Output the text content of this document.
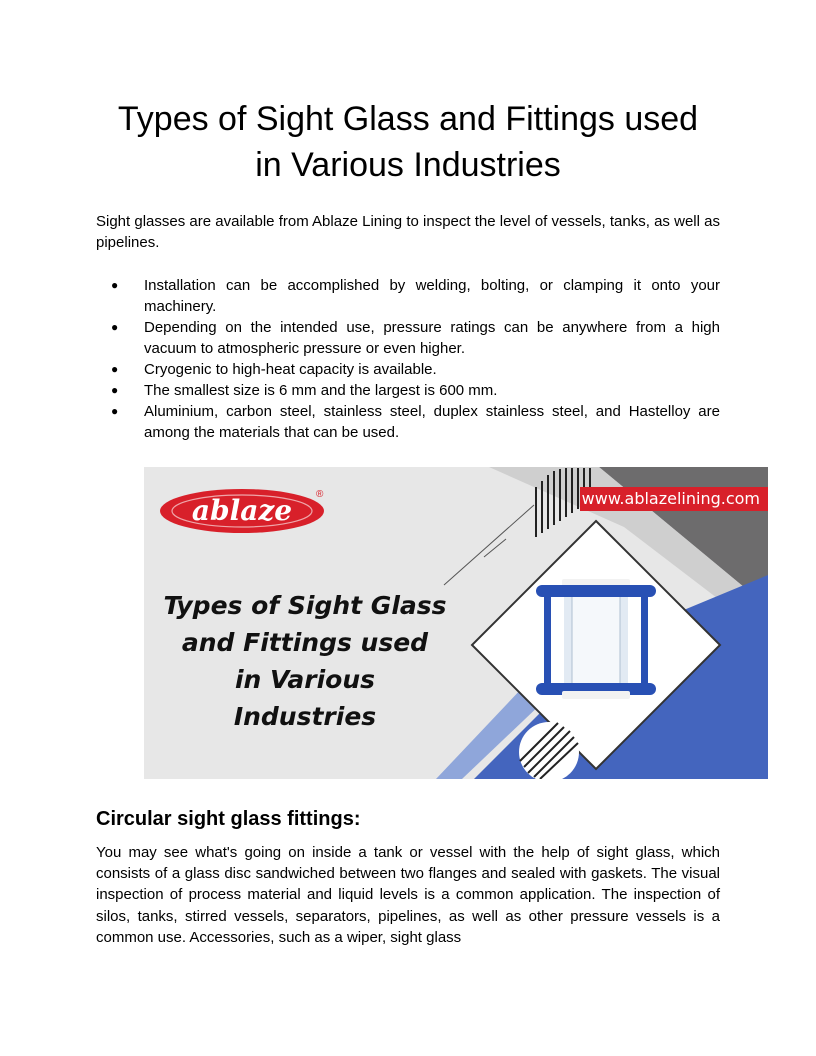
Types of Sight Glass and Fittings used
in Various Industries

Sight glasses are available from Ablaze Lining to inspect the level of vessels, tanks, as well as pipelines.

● Installation can be accomplished by welding, bolting, or clamping it onto your machinery.
● Depending on the intended use, pressure ratings can be anywhere from a high vacuum to atmospheric pressure or even higher.
● Cryogenic to high-heat capacity is available.
● The smallest size is 6 mm and the largest is 600 mm.
● Aluminium, carbon steel, stainless steel, duplex stainless steel, and Hastelloy are among the materials that can be used.
ablaze	®	www.ablazelining.com
Types of Sight Glass
and Fittings used
in Various Industries
Circular sight glass fittings:

You may see what's going on inside a tank or vessel with the help of sight glass, which consists of a glass disc sandwiched between two flanges and sealed with gaskets. The visual inspection of process material and liquid levels is a common application. The inspection of silos, tanks, stirred vessels, separators, pipelines, as well as other pressure vessels is a common use. Accessories, such as a wiper, sight glass
